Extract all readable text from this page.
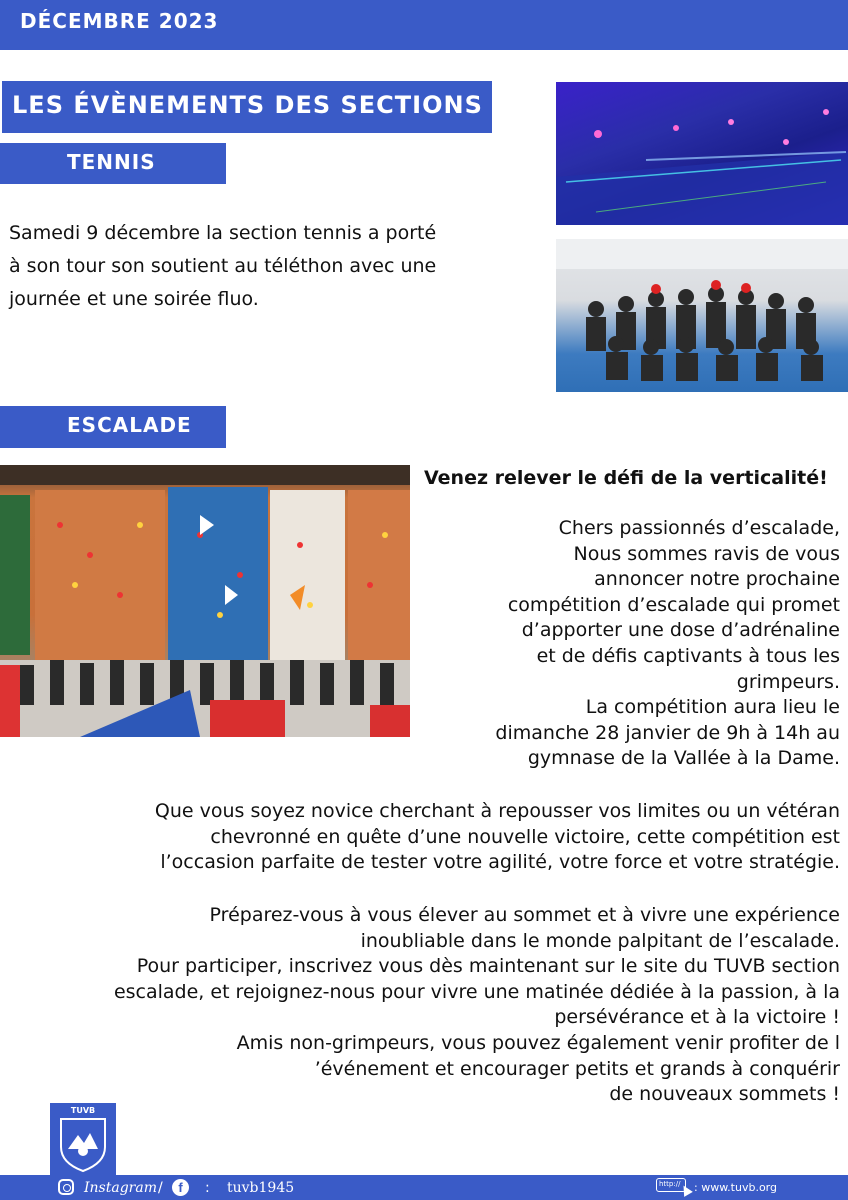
DÉCEMBRE 2023
LES ÉVÈNEMENTS DES SECTIONS
TENNIS
Samedi 9 décembre la section tennis a porté à son tour son soutient au téléthon avec une journée et une soirée fluo.
ESCALADE
Venez relever le défi de la verticalité!
Chers passionnés d’escalade,
Nous sommes ravis de vous
annoncer notre prochaine
compétition d’escalade qui promet
d’apporter une dose d’adrénaline
et de défis captivants à tous les
grimpeurs.
La compétition aura lieu le
dimanche 28 janvier de 9h à 14h au
gymnase de la Vallée à la Dame.
Que vous soyez novice cherchant à repousser vos limites ou un vétéran
chevronné en quête d’une nouvelle victoire, cette compétition est
l’occasion parfaite de tester votre agilité, votre force et votre stratégie.
Préparez-vous à vous élever au sommet et à vivre une expérience
inoubliable dans le monde palpitant de l’escalade.
Pour participer, inscrivez vous dès maintenant sur le site du TUVB section
escalade, et rejoignez-nous pour vivre une matinée dédiée à la passion, à la
persévérance et à la victoire !
Amis non-grimpeurs, vous pouvez également venir profiter de l
’événement et encourager petits et grands à conquérir
de nouveaux sommets !
TUVB
Instagram /	f	: tuvb1945	http:// : www.tuvb.org
